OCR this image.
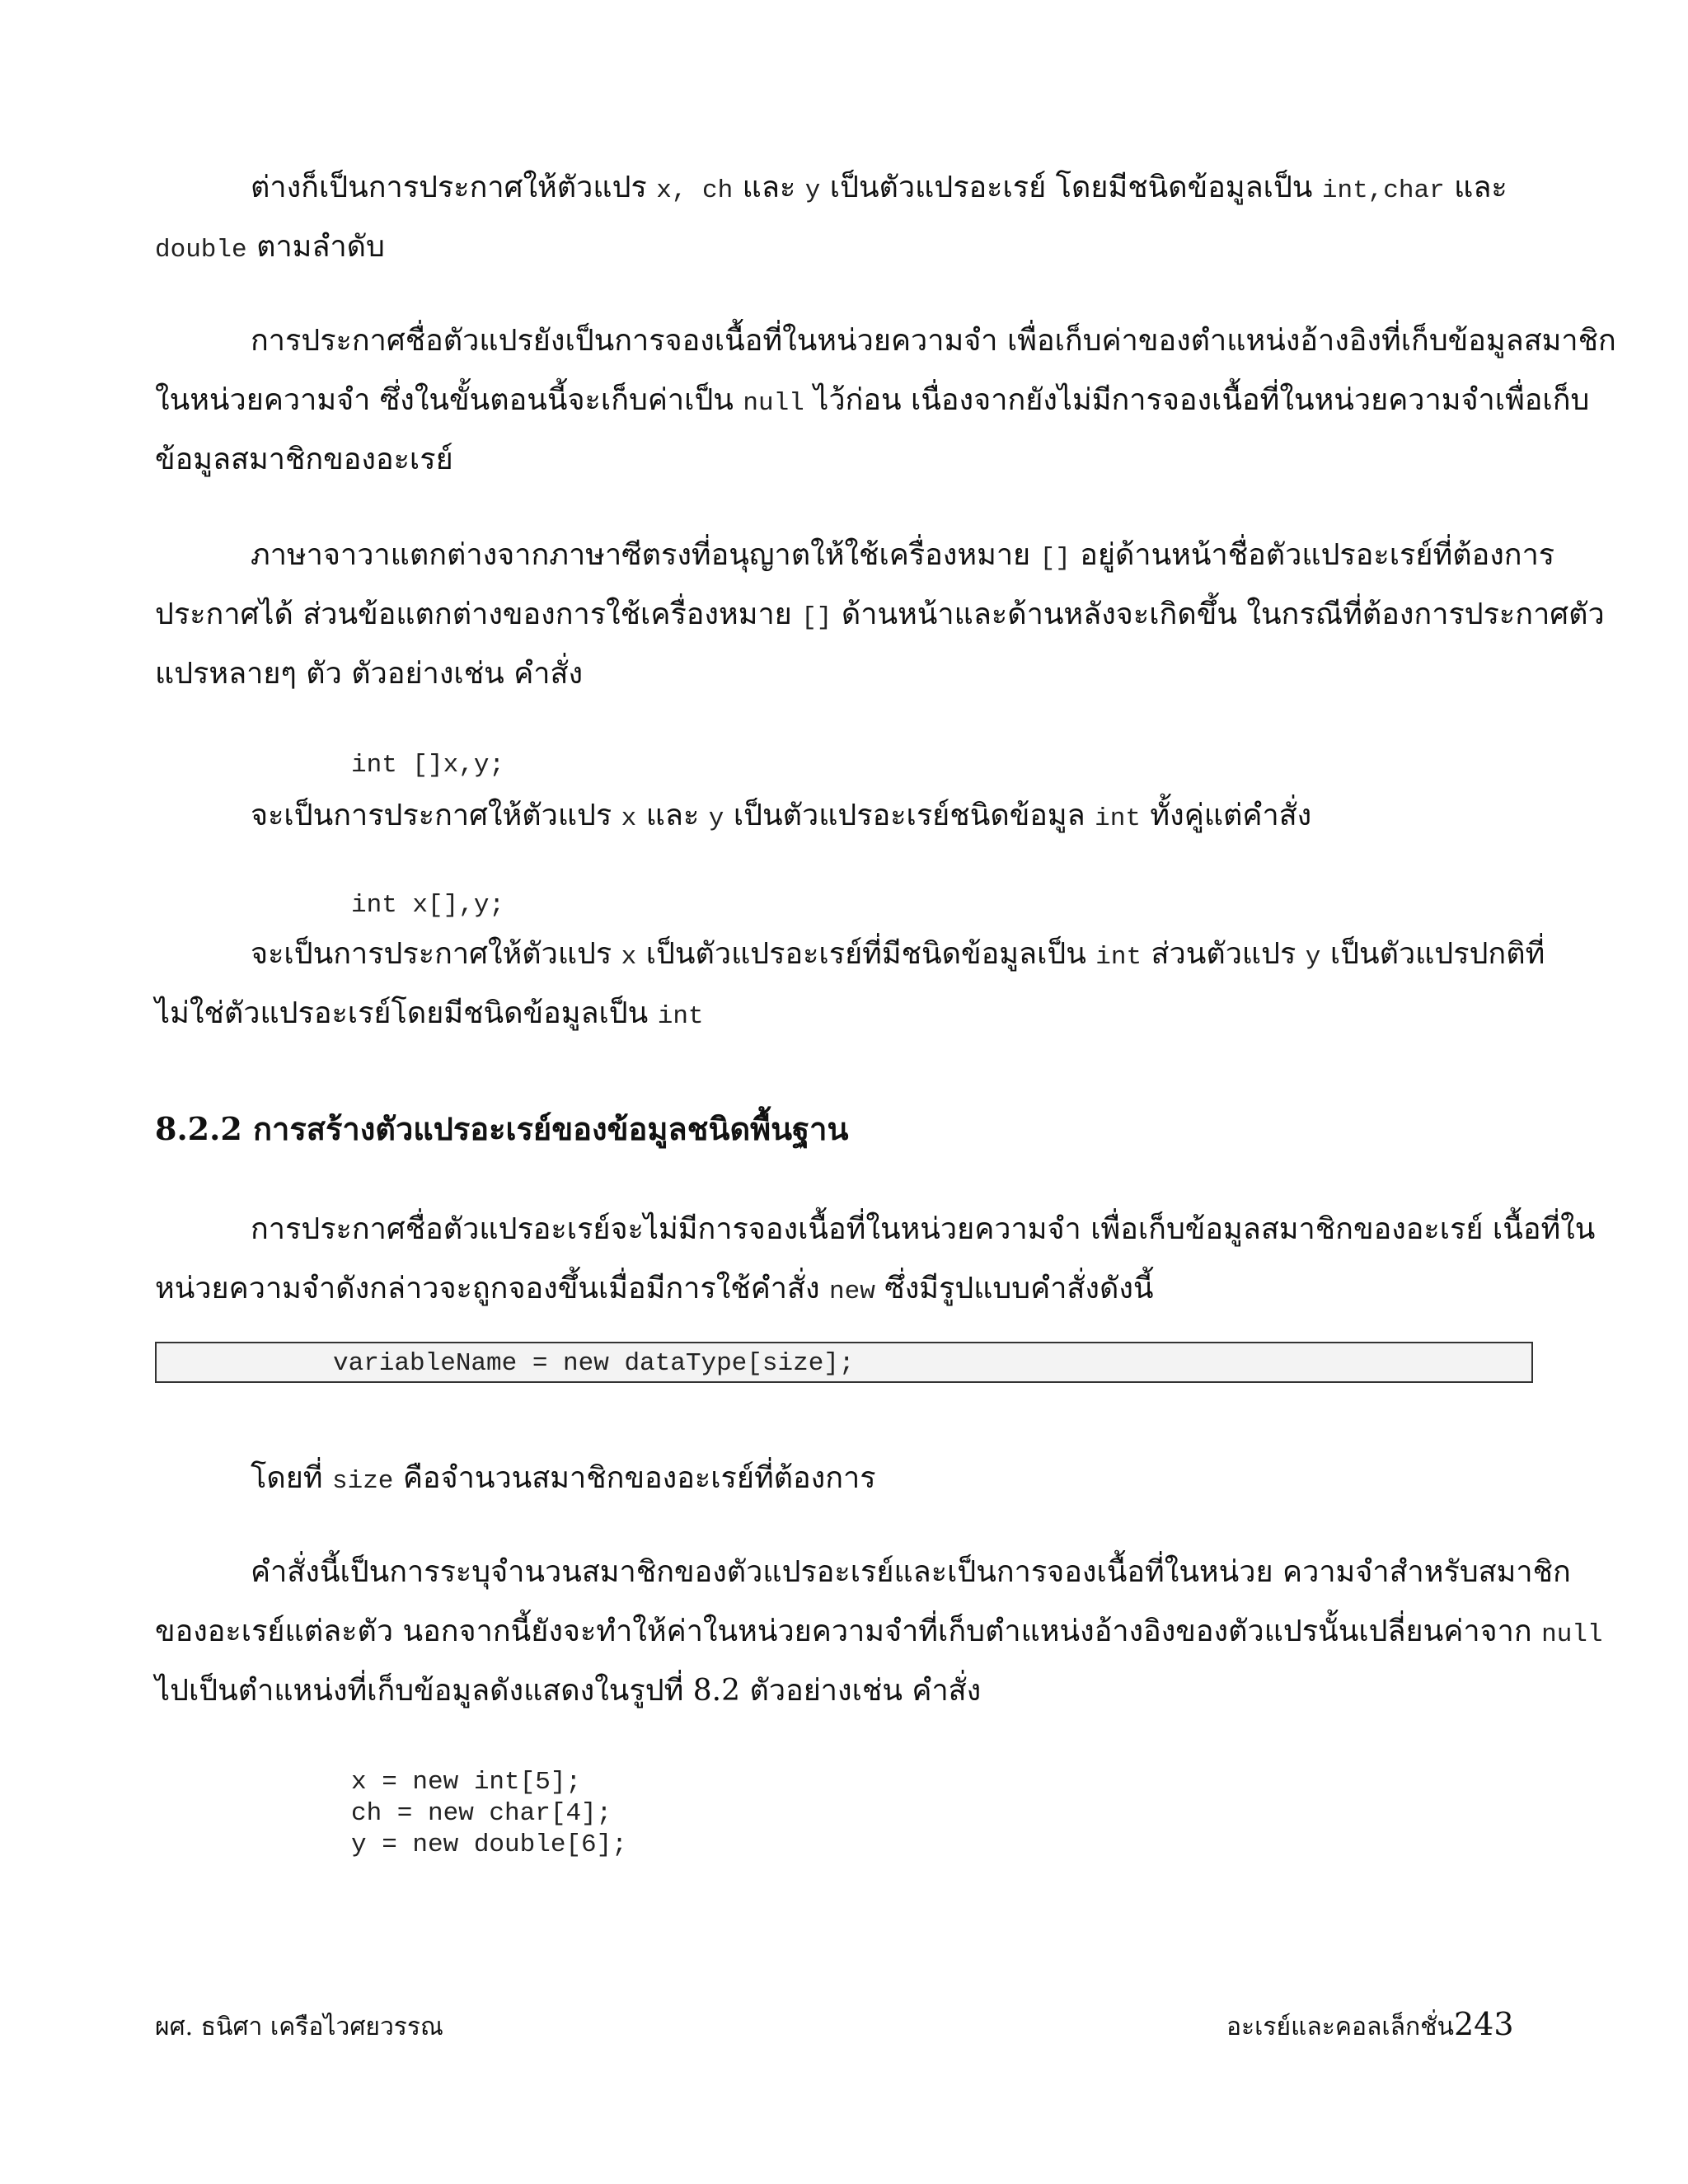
ต่างก็เป็นการประกาศให้ตัวแปร x, ch และ y เป็นตัวแปรอะเรย์ โดยมีชนิดข้อมูลเป็น int,char และ
double ตามลำดับ
การประกาศชื่อตัวแปรยังเป็นการจองเนื้อที่ในหน่วยความจำ เพื่อเก็บค่าของตำแหน่งอ้างอิงที่เก็บข้อมูลสมาชิก
ในหน่วยความจำ ซึ่งในขั้นตอนนี้จะเก็บค่าเป็น null ไว้ก่อน เนื่องจากยังไม่มีการจองเนื้อที่ในหน่วยความจำเพื่อเก็บ
ข้อมูลสมาชิกของอะเรย์
ภาษาจาวาแตกต่างจากภาษาซีตรงที่อนุญาตให้ใช้เครื่องหมาย [] อยู่ด้านหน้าชื่อตัวแปรอะเรย์ที่ต้องการ
ประกาศได้ ส่วนข้อแตกต่างของการใช้เครื่องหมาย [] ด้านหน้าและด้านหลังจะเกิดขึ้น ในกรณีที่ต้องการประกาศตัว
แปรหลายๆ ตัว ตัวอย่างเช่น คำสั่ง
int []x,y;
จะเป็นการประกาศให้ตัวแปร x และ y เป็นตัวแปรอะเรย์ชนิดข้อมูล int ทั้งคู่แต่คำสั่ง
int x[],y;
จะเป็นการประกาศให้ตัวแปร x เป็นตัวแปรอะเรย์ที่มีชนิดข้อมูลเป็น int ส่วนตัวแปร y เป็นตัวแปรปกติที่
ไม่ใช่ตัวแปรอะเรย์โดยมีชนิดข้อมูลเป็น int
8.2.2 การสร้างตัวแปรอะเรย์ของข้อมูลชนิดพื้นฐาน
การประกาศชื่อตัวแปรอะเรย์จะไม่มีการจองเนื้อที่ในหน่วยความจำ เพื่อเก็บข้อมูลสมาชิกของอะเรย์ เนื้อที่ใน
หน่วยความจำดังกล่าวจะถูกจองขึ้นเมื่อมีการใช้คำสั่ง new ซึ่งมีรูปแบบคำสั่งดังนี้
variableName = new dataType[size];
โดยที่ size คือจำนวนสมาชิกของอะเรย์ที่ต้องการ
คำสั่งนี้เป็นการระบุจำนวนสมาชิกของตัวแปรอะเรย์และเป็นการจองเนื้อที่ในหน่วย ความจำสำหรับสมาชิก
ของอะเรย์แต่ละตัว นอกจากนี้ยังจะทำให้ค่าในหน่วยความจำที่เก็บตำแหน่งอ้างอิงของตัวแปรนั้นเปลี่ยนค่าจาก null
ไปเป็นตำแหน่งที่เก็บข้อมูลดังแสดงในรูปที่ 8.2 ตัวอย่างเช่น คำสั่ง
x = new int[5];
ch = new char[4];
y = new double[6];
ผศ. ธนิศา เครือไวศยวรรณ	อะเรย์และคอลเล็กชั่น 243
